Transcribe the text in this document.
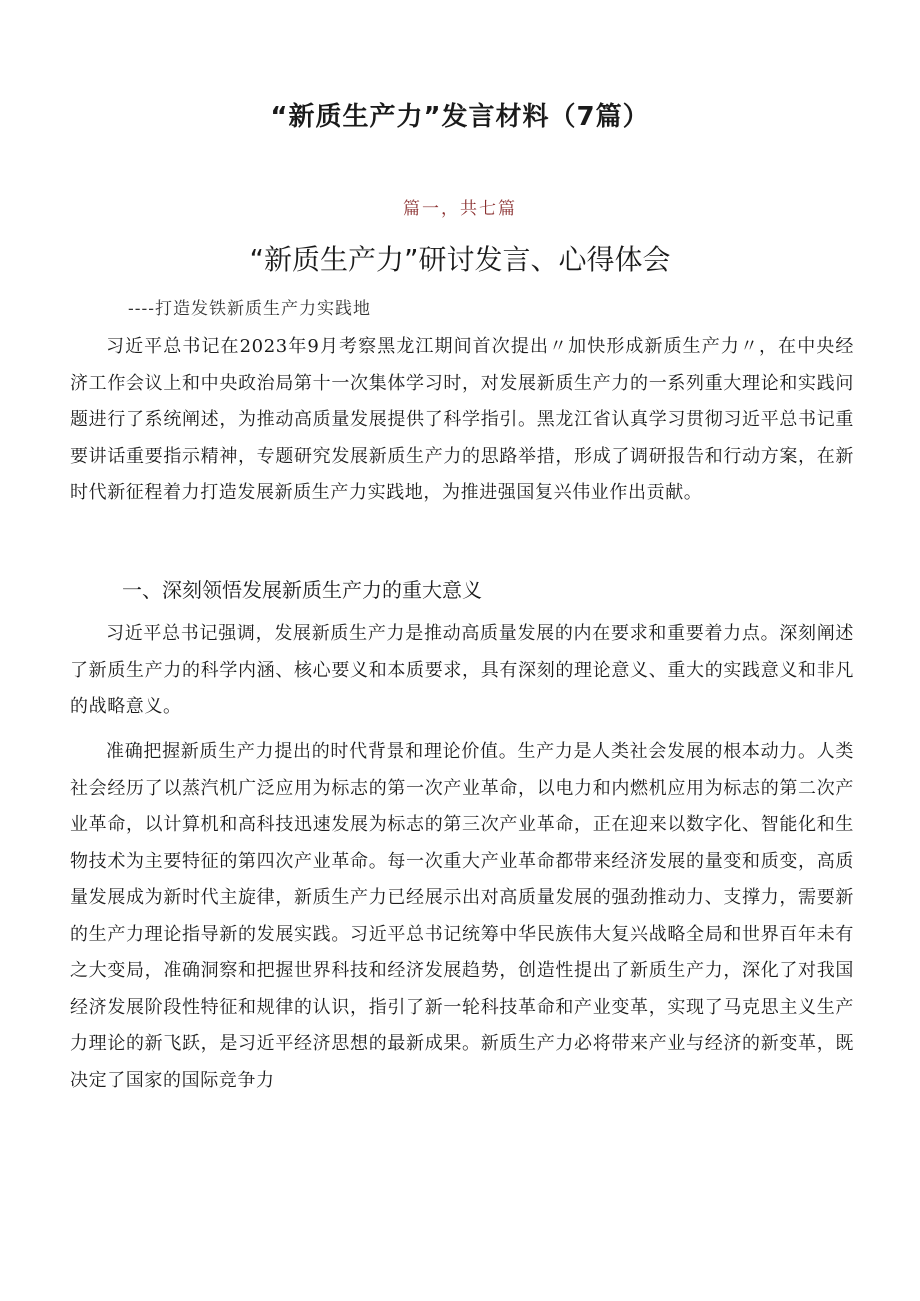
“新质生产力”发言材料（7篇）
篇一，共七篇
“新质生产力”研讨发言、心得体会
----打造发铁新质生产力实践地

习近平总书记在2023年9月考察黑龙江期间首次提出〃加快形成新质生产力〃，在中央经济工作会议上和中央政治局第十一次集体学习时，对发展新质生产力的一系列重大理论和实践问题进行了系统阐述，为推动高质量发展提供了科学指引。黑龙江省认真学习贯彻习近平总书记重要讲话重要指示精神，专题研究发展新质生产力的思路举措，形成了调研报告和行动方案，在新时代新征程着力打造发展新质生产力实践地，为推进强国复兴伟业作出贡献。

一、深刻领悟发展新质生产力的重大意义

习近平总书记强调，发展新质生产力是推动高质量发展的内在要求和重要着力点。深刻阐述了新质生产力的科学内涵、核心要义和本质要求，具有深刻的理论意义、重大的实践意义和非凡的战略意义。

准确把握新质生产力提出的时代背景和理论价值。生产力是人类社会发展的根本动力。人类社会经历了以蒸汽机广泛应用为标志的第一次产业革命，以电力和内燃机应用为标志的第二次产业革命，以计算机和高科技迅速发展为标志的第三次产业革命，正在迎来以数字化、智能化和生物技术为主要特征的第四次产业革命。每一次重大产业革命都带来经济发展的量变和质变，高质量发展成为新时代主旋律，新质生产力已经展示出对高质量发展的强劲推动力、支撑力，需要新的生产力理论指导新的发展实践。习近平总书记统筹中华民族伟大复兴战略全局和世界百年未有之大变局，准确洞察和把握世界科技和经济发展趋势，创造性提出了新质生产力，深化了对我国经济发展阶段性特征和规律的认识，指引了新一轮科技革命和产业变革，实现了马克思主义生产力理论的新飞跃，是习近平经济思想的最新成果。新质生产力必将带来产业与经济的新变革，既决定了国家的国际竞争力
